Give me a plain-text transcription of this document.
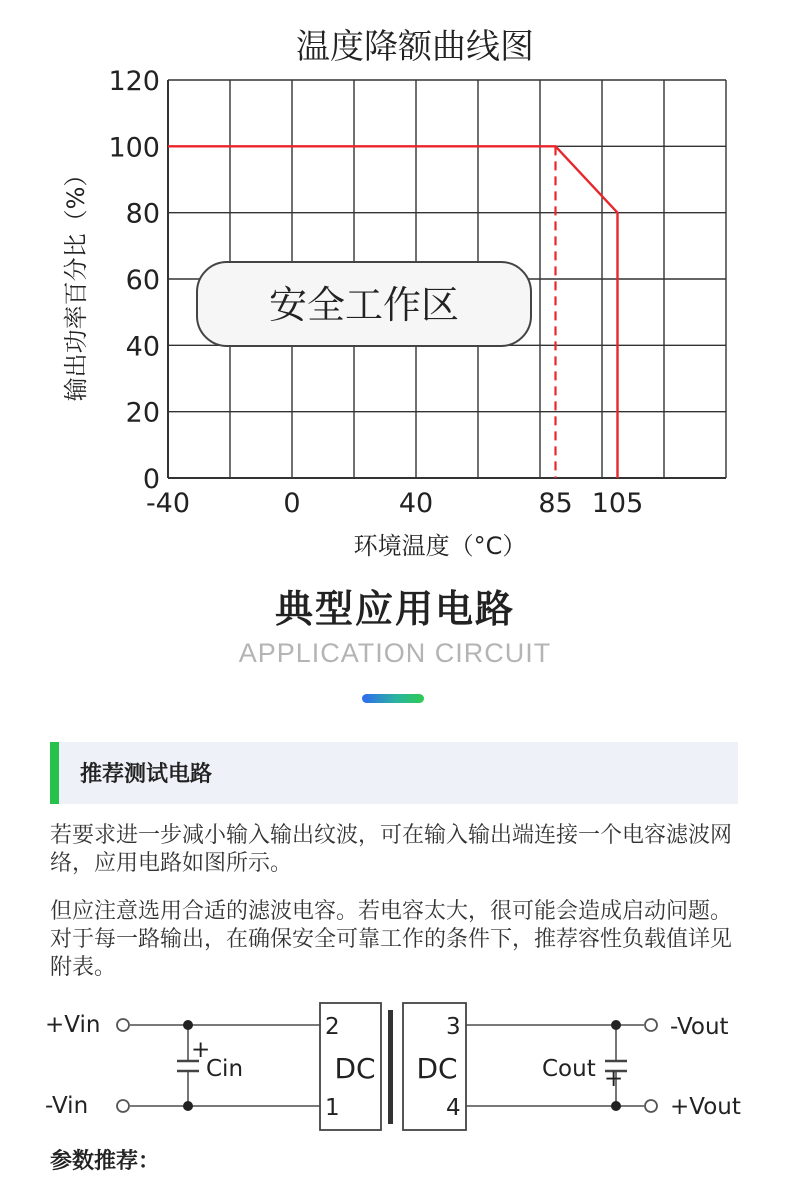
温度降额曲线图
0
20
40
60
80
100
120
-40	0	40	85 105
输出功率百分比（%）
环境温度（°C）
安全工作区
典型应用电路
APPLICATION CIRCUIT
推荐测试电路
若要求进一步减小输入输出纹波，可在输入输出端连接一个电容滤波网络，应用电路如图所示。
但应注意选用合适的滤波电容。若电容太大，很可能会造成启动问题。对于每一路输出，在确保安全可靠工作的条件下，推荐容性负载值详见附表。
+Vin
-Vin
+
Cin	Cout +
-Vout
+Vout
2
1
3
4
DC DC
参数推荐：
